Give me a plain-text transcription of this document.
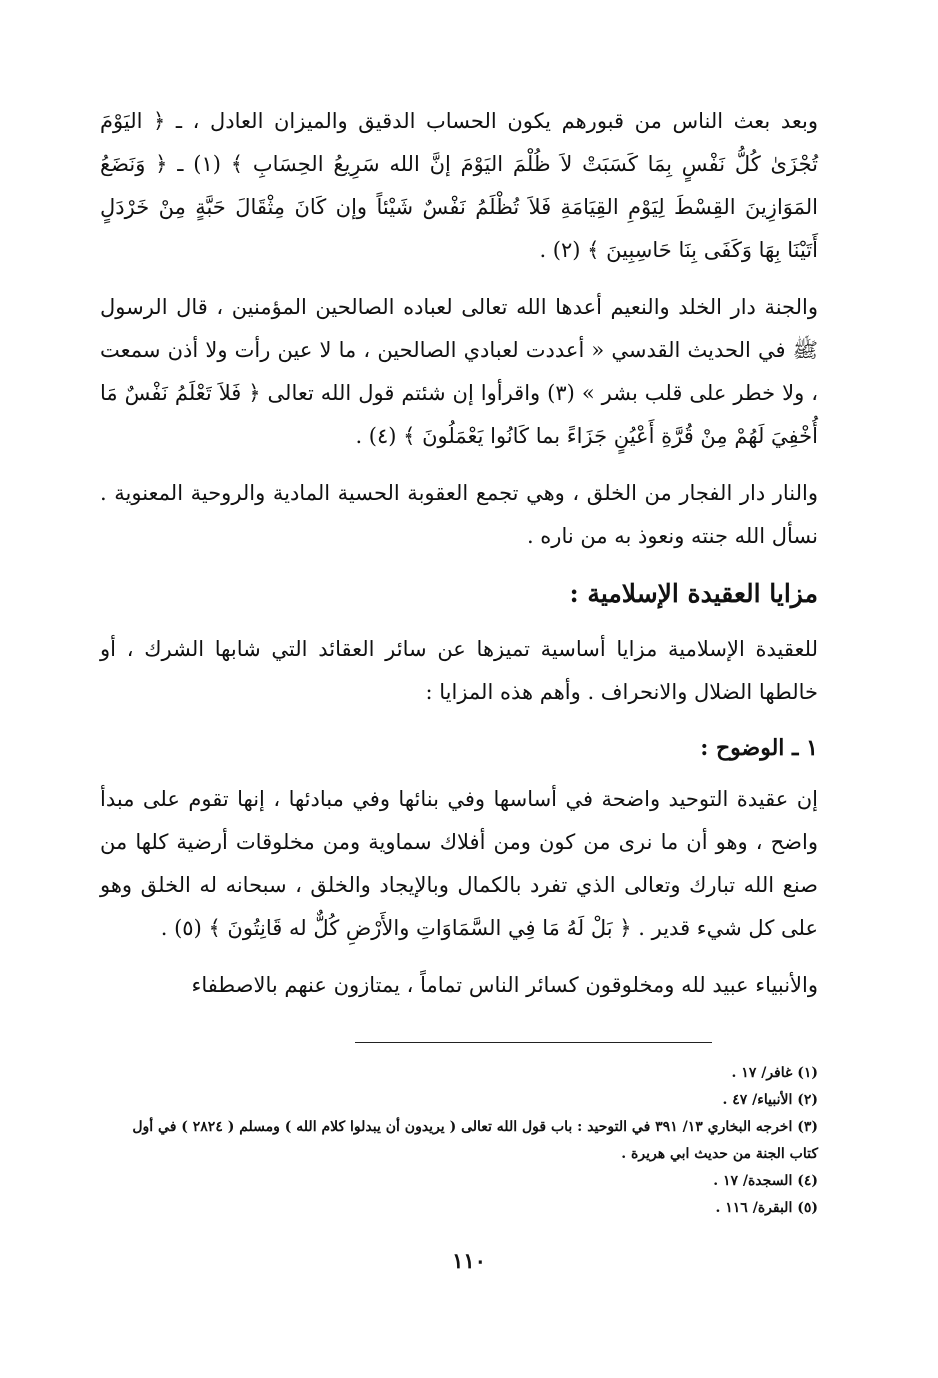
وبعد بعث الناس من قبورهم يكون الحساب الدقيق والميزان العادل ، ـ ﴿ اليَوْمَ تُجْزَىٰ كُلُّ نَفْسٍ بِمَا كَسَبَتْ لاَ ظُلْمَ اليَوْمَ إنَّ الله سَرِيعُ الحِسَابِ ﴾ (١) ـ ﴿ وَنَضَعُ المَوَازِينَ القِسْطَ لِيَوْمِ القِيَامَةِ فَلاَ تُظْلَمُ نَفْسٌ شَيْئاً وإن كَانَ مِثْقَالَ حَبَّةٍ مِنْ خَرْدَلٍ أَتَيْنَا بِهَا وَكَفَى بِنَا حَاسِبِينَ ﴾ (٢) .

والجنة دار الخلد والنعيم أعدها الله تعالى لعباده الصالحين المؤمنين ، قال الرسول ﷺ في الحديث القدسي « أعددت لعبادي الصالحين ، ما لا عين رأت ولا أذن سمعت ، ولا خطر على قلب بشر » (٣) واقرأوا إن شئتم قول الله تعالى ﴿ فَلاَ تَعْلَمُ نَفْسٌ مَا أُخْفِيَ لَهُمْ مِنْ قُرَّةِ أَعْيُنٍ جَزَاءً بما كَانُوا يَعْمَلُونَ ﴾ (٤) .

والنار دار الفجار من الخلق ، وهي تجمع العقوبة الحسية المادية والروحية المعنوية . نسأل الله جنته ونعوذ به من ناره .

مزايا العقيدة الإسلامية :

للعقيدة الإسلامية مزايا أساسية تميزها عن سائر العقائد التي شابها الشرك ، أو خالطها الضلال والانحراف . وأهم هذه المزايا :

١ ـ الوضوح :

إن عقيدة التوحيد واضحة في أساسها وفي بنائها وفي مبادئها ، إنها تقوم على مبدأ واضح ، وهو أن ما نرى من كون ومن أفلاك سماوية ومن مخلوقات أرضية كلها من صنع الله تبارك وتعالى الذي تفرد بالكمال وبالإيجاد والخلق ، سبحانه له الخلق وهو على كل شيء قدير . ﴿ بَلْ لَهُ مَا فِي السَّمَاوَاتِ والأَرْضِ كُلٌّ له قَانِتُونَ ﴾ (٥) .

والأنبياء عبيد لله ومخلوقون كسائر الناس تماماً ، يمتازون عنهم بالاصطفاء

(١) غافر/ ١٧ .

(٢) الأنبياء/ ٤٧ .

(٣) اخرجه البخاري ١٣/ ٣٩١ في التوحيد : باب قول الله تعالى ( يريدون أن يبدلوا كلام الله ) ومسلم ( ٢٨٢٤ ) في أول كتاب الجنة من حديث ابي هريرة .

(٤) السجدة/ ١٧ .

(٥) البقرة/ ١١٦ .

١١٠
